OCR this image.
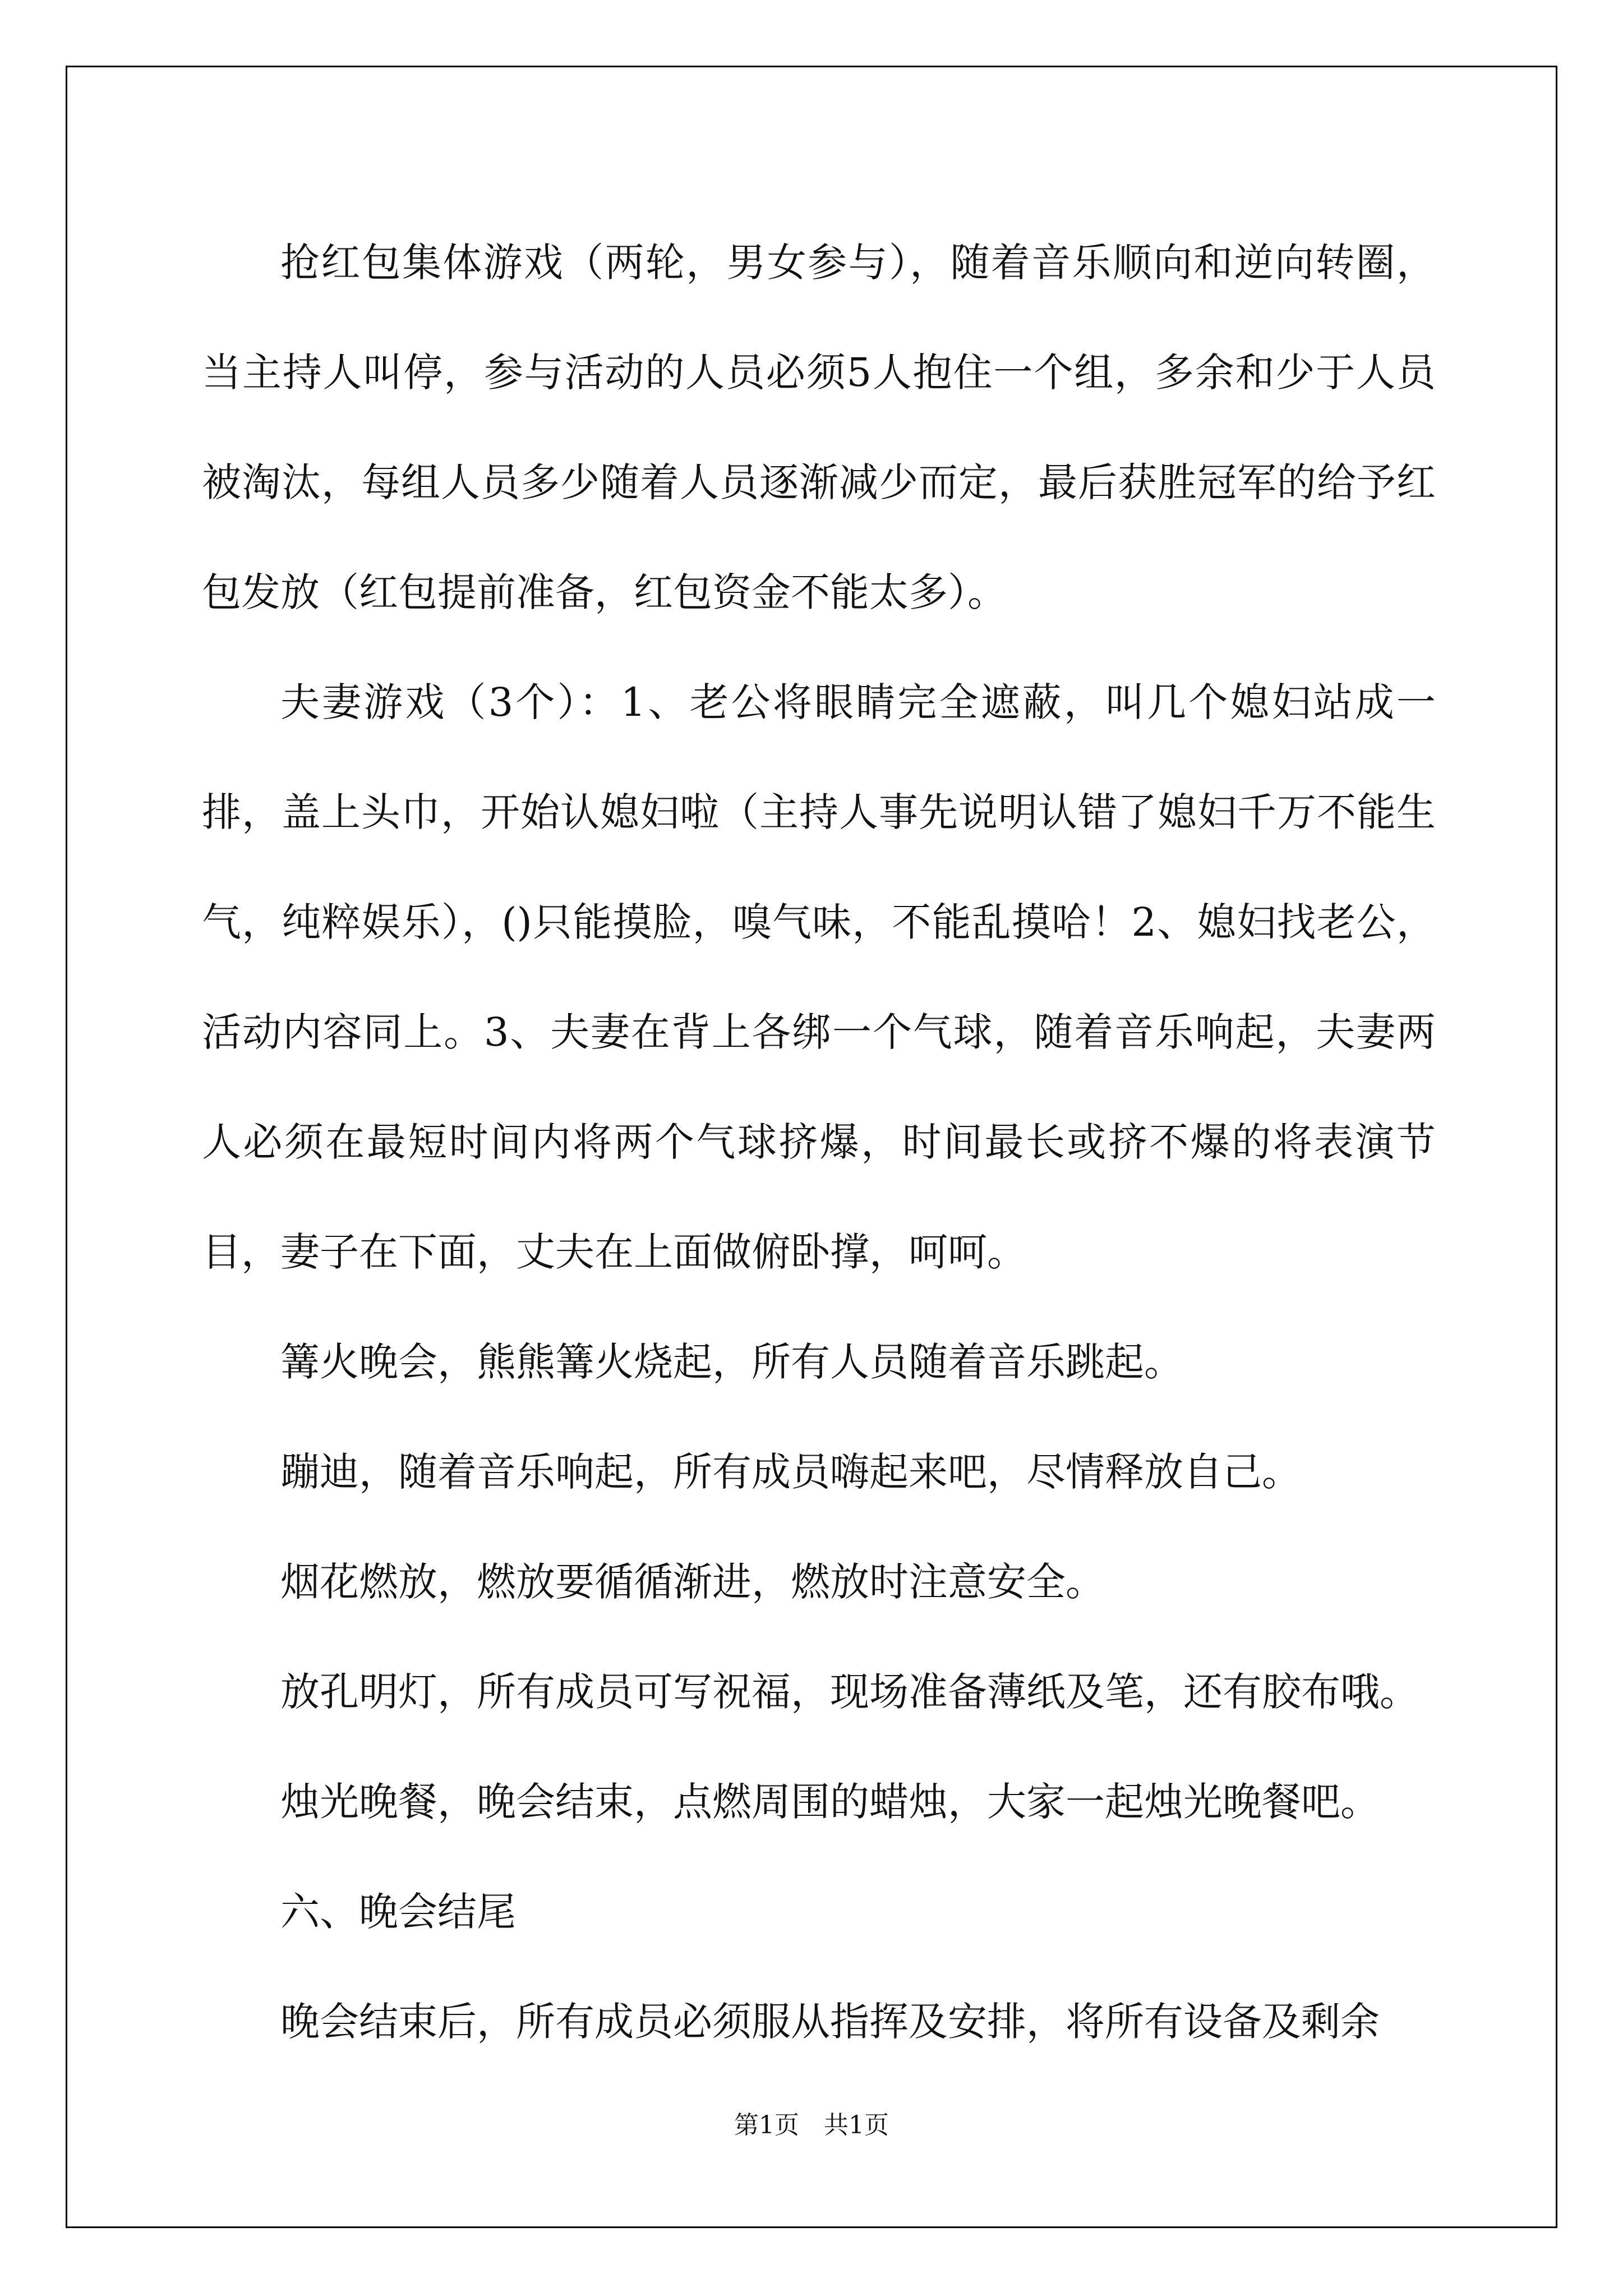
抢红包集体游戏（两轮，男女参与），随着音乐顺向和逆向转圈，当主持人叫停，参与活动的人员必须5人抱住一个组，多余和少于人员被淘汰，每组人员多少随着人员逐渐减少而定，最后获胜冠军的给予红包发放（红包提前准备，红包资金不能太多）。

夫妻游戏（3个）：1、老公将眼睛完全遮蔽，叫几个媳妇站成一排，盖上头巾，开始认媳妇啦（主持人事先说明认错了媳妇千万不能生气，纯粹娱乐），()只能摸脸，嗅气味，不能乱摸哈！2、媳妇找老公，活动内容同上。3、夫妻在背上各绑一个气球，随着音乐响起，夫妻两人必须在最短时间内将两个气球挤爆，时间最长或挤不爆的将表演节目，妻子在下面，丈夫在上面做俯卧撑，呵呵。

篝火晚会，熊熊篝火烧起，所有人员随着音乐跳起。

蹦迪，随着音乐响起，所有成员嗨起来吧，尽情释放自己。

烟花燃放，燃放要循循渐进，燃放时注意安全。

放孔明灯，所有成员可写祝福，现场准备薄纸及笔，还有胶布哦。

烛光晚餐，晚会结束，点燃周围的蜡烛，大家一起烛光晚餐吧。

六、晚会结尾

晚会结束后，所有成员必须服从指挥及安排，将所有设备及剩余

第1页　共1页
